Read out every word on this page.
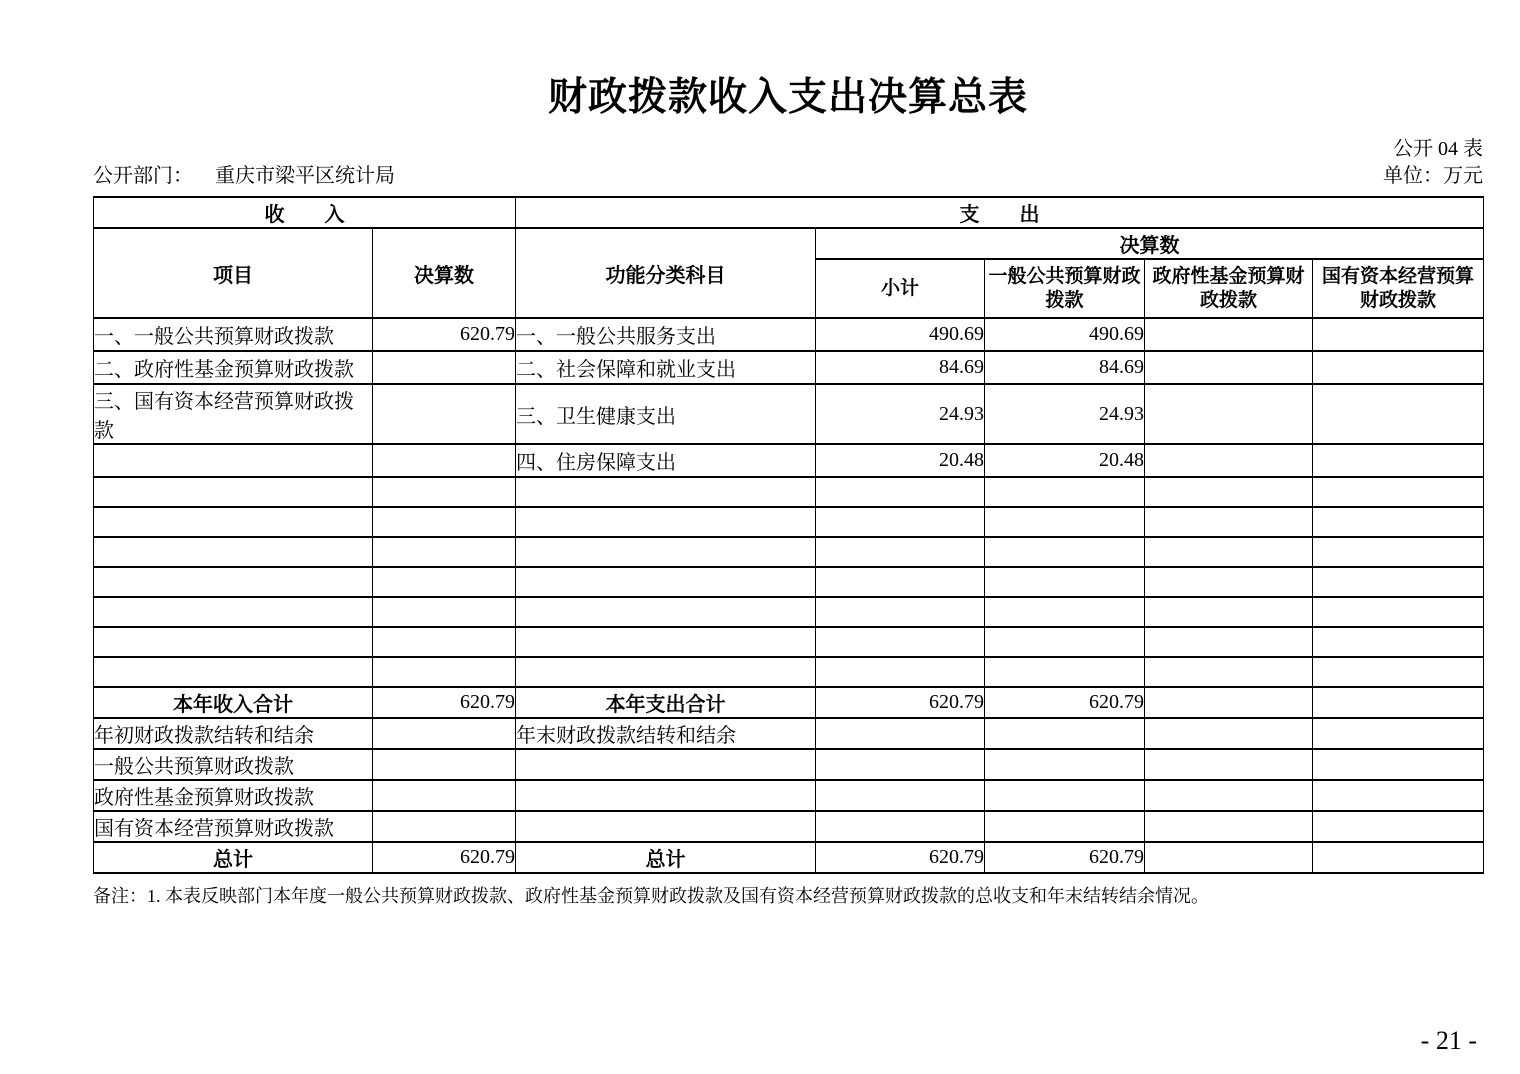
财政拨款收入支出决算总表
公开 04 表
公开部门： 重庆市梁平区统计局	单位：万元
收　　入		支　　出				
项目	决算数	功能分类科目	决算数			
			小计	一般公共预算财政拨款	政府性基金预算财政拨款	国有资本经营预算财政拨款
一、一般公共预算财政拨款	620.79	一、一般公共服务支出	490.69	490.69		
二、政府性基金预算财政拨款		二、社会保障和就业支出	84.69	84.69		
三、国有资本经营预算财政拨款		三、卫生健康支出	24.93	24.93		
		四、住房保障支出	20.48	20.48		

本年收入合计	620.79	本年支出合计	620.79	620.79		
年初财政拨款结转和结余		年末财政拨款结转和结余				
一般公共预算财政拨款						
政府性基金预算财政拨款						
国有资本经营预算财政拨款						
总计	620.79	总计	620.79	620.79		
备注：1. 本表反映部门本年度一般公共预算财政拨款、政府性基金预算财政拨款及国有资本经营预算财政拨款的总收支和年末结转结余情况。
- 21 -
